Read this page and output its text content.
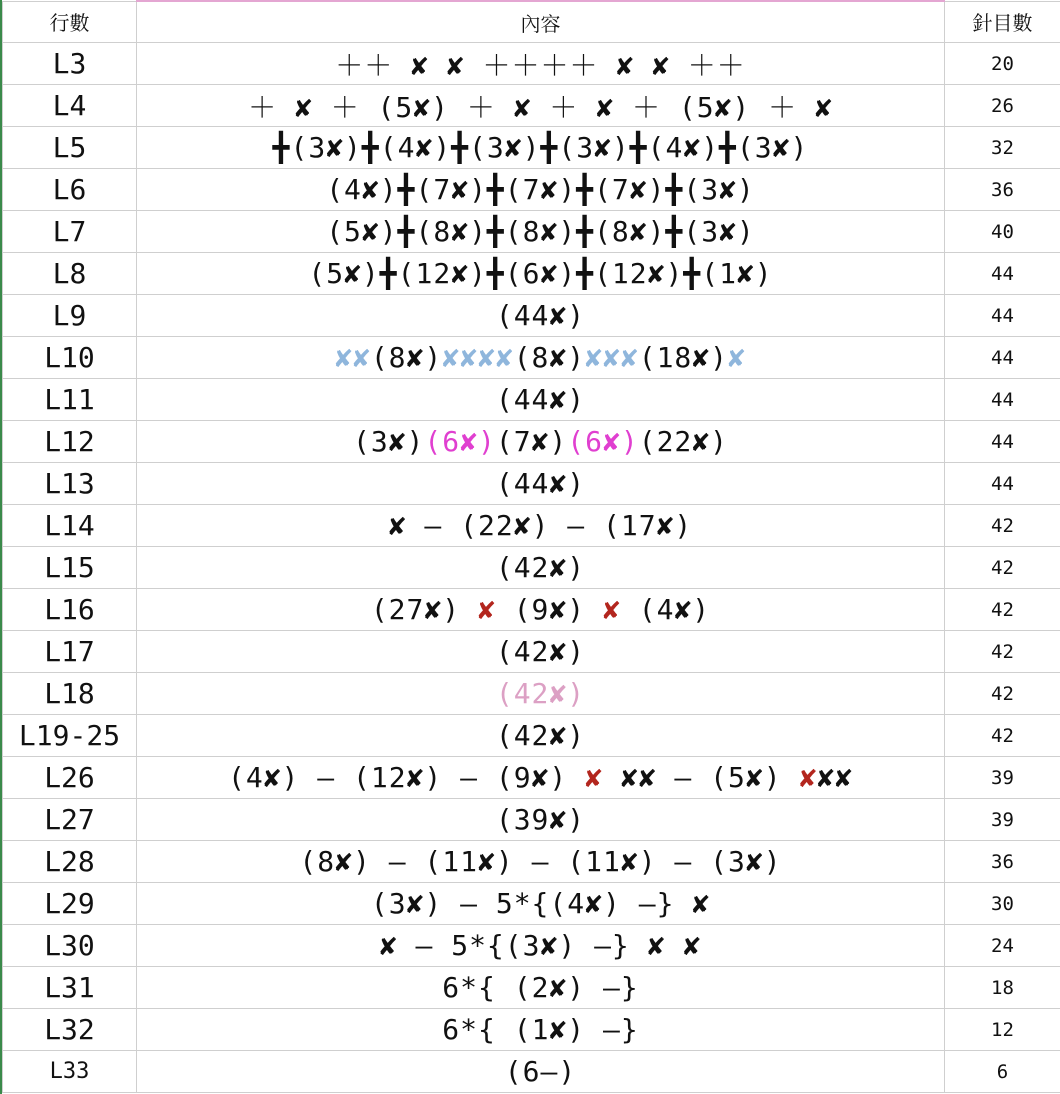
行數	內容	針目數
L3	＋＋ ✘ ✘ ＋＋＋＋ ✘ ✘ ＋＋	20
L4	＋ ✘ ＋ (5✘) ＋ ✘ ＋ ✘ ＋ (5✘) ＋ ✘	26
L5	╋(3✘)╋(4✘)╋(3✘)╋(3✘)╋(4✘)╋(3✘)	32
L6	(4✘)╋(7✘)╋(7✘)╋(7✘)╋(3✘)	36
L7	(5✘)╋(8✘)╋(8✘)╋(8✘)╋(3✘)	40
L8	(5✘)╋(12✘)╋(6✘)╋(12✘)╋(1✘)	44
L9	(44✘)	44
L10	✘✘(8✘)✘✘✘✘(8✘)✘✘✘(18✘)✘	44
L11	(44✘)	44
L12	(3✘)(6✘)(7✘)(6✘)(22✘)	44
L13	(44✘)	44
L14	✘ — (22✘) — (17✘)	42
L15	(42✘)	42
L16	(27✘) ✘ (9✘) ✘ (4✘)	42
L17	(42✘)	42
L18	(42✘)	42
L19-25	(42✘)	42
L26	(4✘) — (12✘) — (9✘) ✘ ✘✘ — (5✘) ✘✘✘	39
L27	(39✘)	39
L28	(8✘) — (11✘) — (11✘) — (3✘)	36
L29	(3✘) — 5*{(4✘) —} ✘	30
L30	✘ — 5*{(3✘) —} ✘ ✘	24
L31	6*{ (2✘) —}	18
L32	6*{ (1✘) —}	12
L33	(6—)	6
